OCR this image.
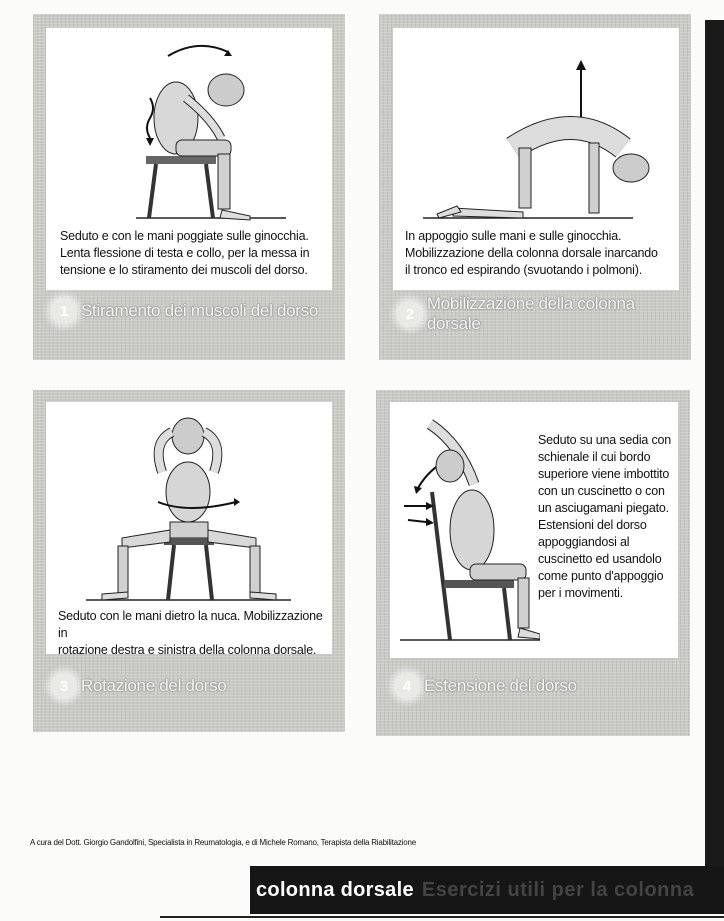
Seduto e con le mani poggiate sulle ginocchia.
Lenta flessione di testa e collo, per la messa in
tensione e lo stiramento dei muscoli del dorso.
1 Stiramento dei muscoli del dorso
In appoggio sulle mani e sulle ginocchia.
Mobilizzazione della colonna dorsale inarcando
il tronco ed espirando (svuotando i polmoni).
2
Mobilizzazione della colonna dorsale
Seduto con le mani dietro la nuca. Mobilizzazione in
rotazione destra e sinistra della colonna dorsale.
3 Rotazione del dorso
Seduto su una sedia con
schienale il cui bordo
superiore viene imbottito
con un cuscinetto o con
un asciugamani piegato.
Estensioni del dorso
appoggiandosi al
cuscinetto ed usandolo
come punto d'appoggio
per i movimenti.
4 Estensione del dorso
A cura del Dott. Giorgio Gandolfini, Specialista in Reumatologia, e di Michele Romano, Terapista della Riabilitazione
colonna dorsale Esercizi utili per la colonna
